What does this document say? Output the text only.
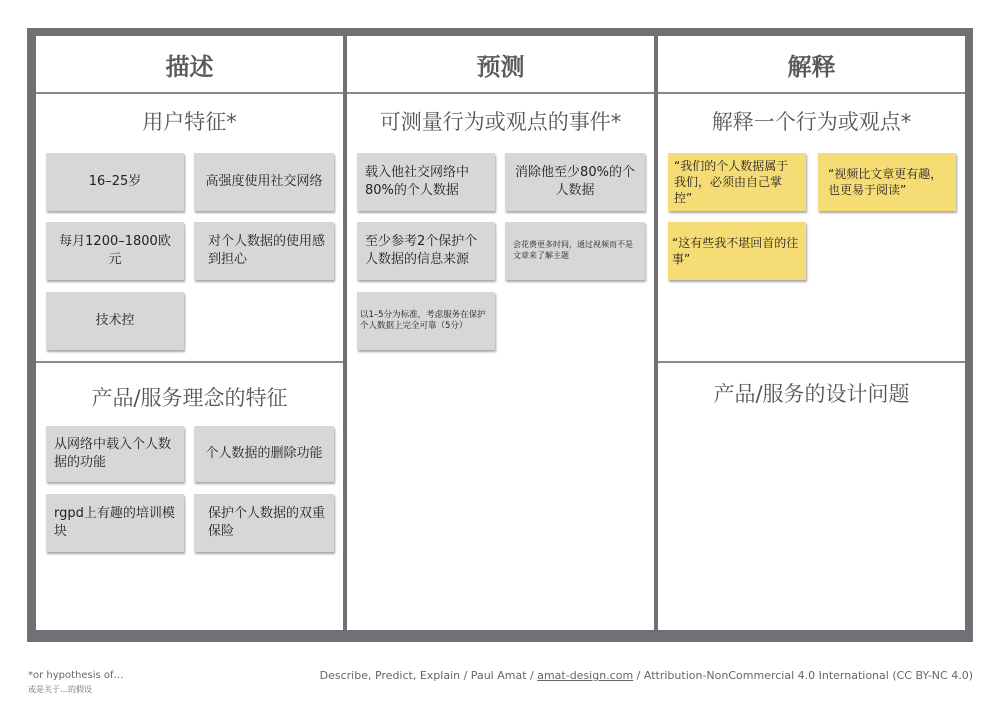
描述
用户特征*
16–25岁	高强度使用社交网络
每月1200–1800欧元
对个人数据的使用感到担心
技术控
产品/服务理念的特征
从网络中载入个人数据的功能
个人数据的删除功能
rgpd上有趣的培训模块
保护个人数据的双重保险
预测
可测量行为或观点的事件*
载入他社交网络中80%的个人数据
消除他至少80%的个人数据
至少参考2个保护个人数据的信息来源
会花费更多时间，通过视频而不是文章来了解主题
以1–5分为标准，考虑服务在保护个人数据上完全可靠（5分）
解释
解释一个行为或观点*
“我们的个人数据属于我们，必须由自己掌控”
“视频比文章更有趣，也更易于阅读”
“这有些我不堪回首的往事”
产品/服务的设计问题
*or hypothesis of…
或是关于…的假设
Describe, Predict, Explain / Paul Amat / amat-design.com / Attribution-NonCommercial 4.0 International (CC BY-NC 4.0)
